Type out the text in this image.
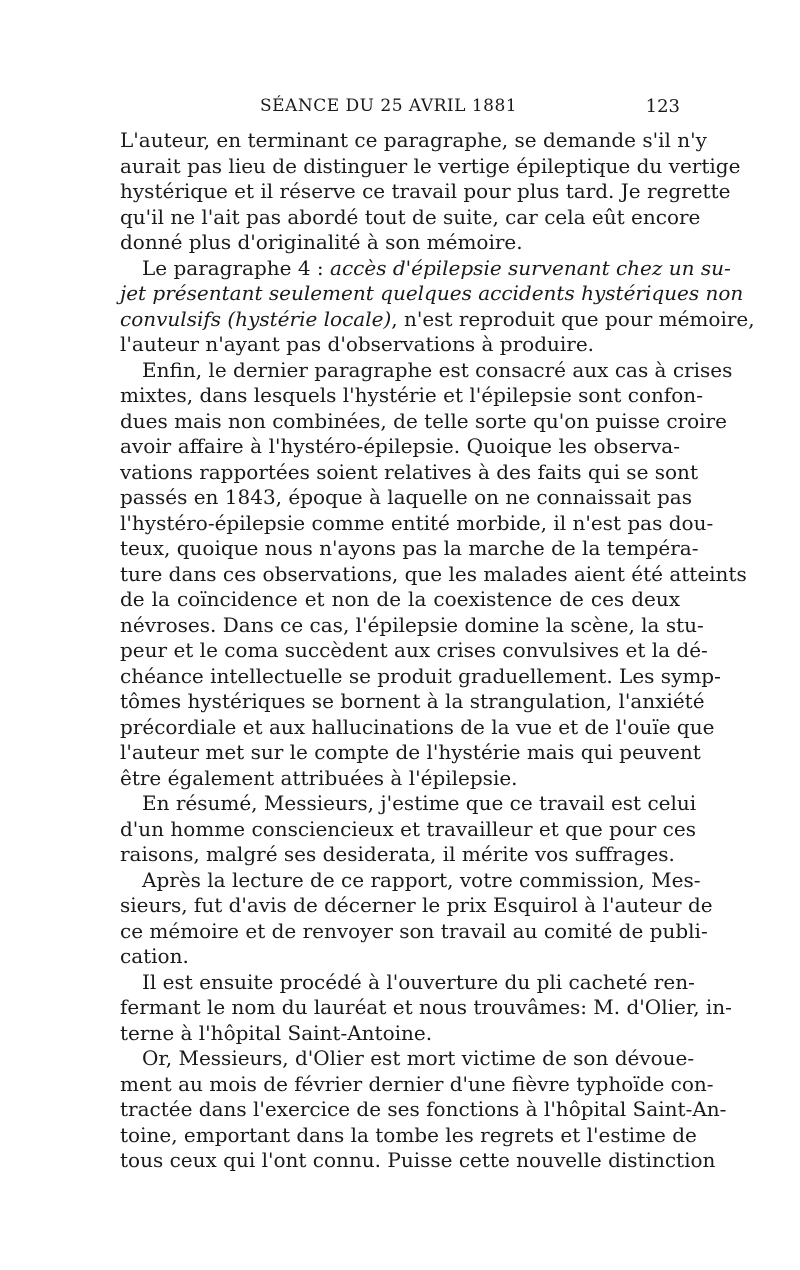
SÉANCE DU 25 AVRIL 1881	123

L'auteur, en terminant ce paragraphe, se demande s'il n'y
aurait pas lieu de distinguer le vertige épileptique du vertige
hystérique et il réserve ce travail pour plus tard. Je regrette
qu'il ne l'ait pas abordé tout de suite, car cela eût encore
donné plus d'originalité à son mémoire.

Le paragraphe 4 : accès d'épilepsie survenant chez un su-
jet présentant seulement quelques accidents hystériques non
convulsifs (hystérie locale), n'est reproduit que pour mémoire,
l'auteur n'ayant pas d'observations à produire.

Enfin, le dernier paragraphe est consacré aux cas à crises
mixtes, dans lesquels l'hystérie et l'épilepsie sont confon-
dues mais non combinées, de telle sorte qu'on puisse croire
avoir affaire à l'hystéro-épilepsie. Quoique les observa-
vations rapportées soient relatives à des faits qui se sont
passés en 1843, époque à laquelle on ne connaissait pas
l'hystéro-épilepsie comme entité morbide, il n'est pas dou-
teux, quoique nous n'ayons pas la marche de la tempéra-
ture dans ces observations, que les malades aient été atteints
de la coïncidence et non de la coexistence de ces deux
névroses. Dans ce cas, l'épilepsie domine la scène, la stu-
peur et le coma succèdent aux crises convulsives et la dé-
chéance intellectuelle se produit graduellement. Les symp-
tômes hystériques se bornent à la strangulation, l'anxiété
précordiale et aux hallucinations de la vue et de l'ouïe que
l'auteur met sur le compte de l'hystérie mais qui peuvent
être également attribuées à l'épilepsie.

En résumé, Messieurs, j'estime que ce travail est celui
d'un homme consciencieux et travailleur et que pour ces
raisons, malgré ses desiderata, il mérite vos suffrages.

Après la lecture de ce rapport, votre commission, Mes-
sieurs, fut d'avis de décerner le prix Esquirol à l'auteur de
ce mémoire et de renvoyer son travail au comité de publi-
cation.

Il est ensuite procédé à l'ouverture du pli cacheté ren-
fermant le nom du lauréat et nous trouvâmes: M. d'Olier, in-
terne à l'hôpital Saint-Antoine.

Or, Messieurs, d'Olier est mort victime de son dévoue-
ment au mois de février dernier d'une fièvre typhoïde con-
tractée dans l'exercice de ses fonctions à l'hôpital Saint-An-
toine, emportant dans la tombe les regrets et l'estime de
tous ceux qui l'ont connu. Puisse cette nouvelle distinction
